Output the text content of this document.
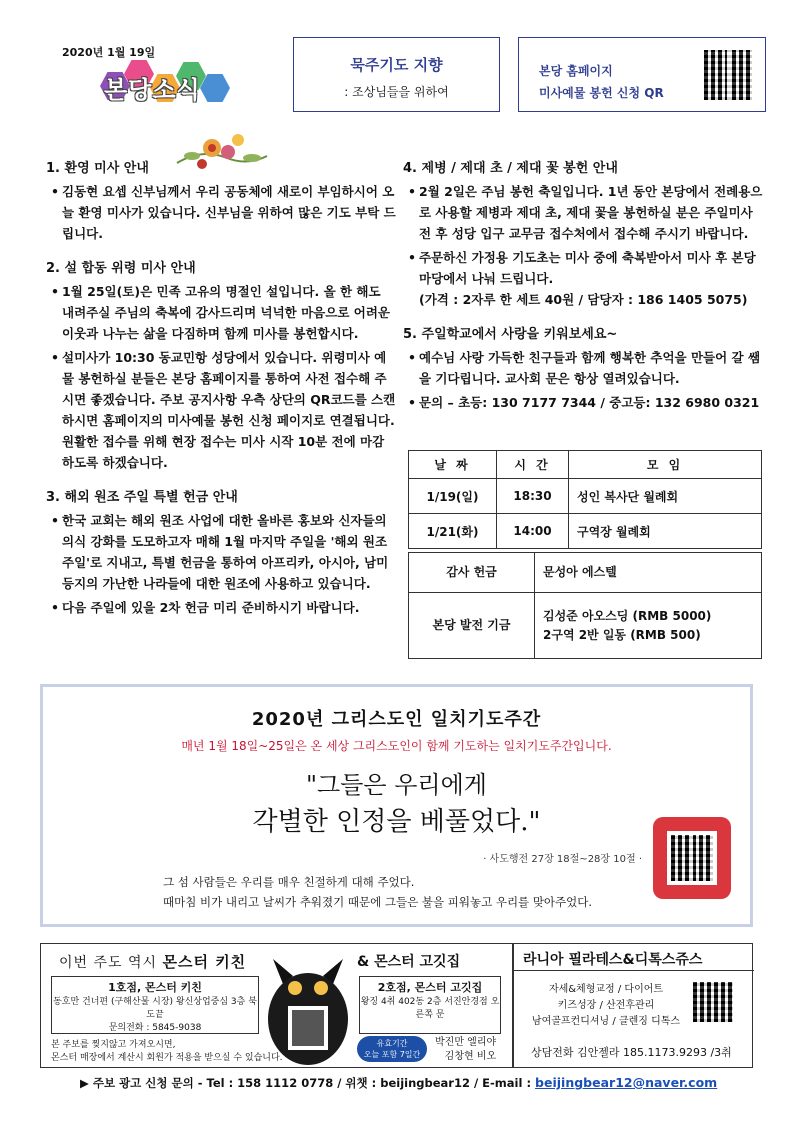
2020년 1월 19일
본당소식
묵주기도 지향
: 조상님들을 위하여
본당 홈페이지
미사예물 봉헌 신청 QR
1. 환영 미사 안내
• 김동현 요셉 신부님께서 우리 공동체에 새로이 부임하시어 오늘 환영 미사가 있습니다. 신부님을 위하여 많은 기도 부탁 드립니다.
2. 설 합동 위령 미사 안내
• 1월 25일(토)은 민족 고유의 명절인 설입니다. 올 한 해도 내려주실 주님의 축복에 감사드리며 넉넉한 마음으로 어려운 이웃과 나누는 삶을 다짐하며 함께 미사를 봉헌합시다.
• 설미사가 10:30 동교민항 성당에서 있습니다. 위령미사 예물 봉헌하실 분들은 본당 홈페이지를 통하여 사전 접수해 주시면 좋겠습니다. 주보 공지사항 우측 상단의 QR코드를 스캔하시면 홈페이지의 미사예물 봉헌 신청 페이지로 연결됩니다. 원활한 접수를 위해 현장 접수는 미사 시작 10분 전에 마감하도록 하겠습니다.
3. 해외 원조 주일 특별 헌금 안내
• 한국 교회는 해외 원조 사업에 대한 올바른 홍보와 신자들의 의식 강화를 도모하고자 매해 1월 마지막 주일을 '해외 원조 주일'로 지내고, 특별 헌금을 통하여 아프리카, 아시아, 남미 등지의 가난한 나라들에 대한 원조에 사용하고 있습니다.
• 다음 주일에 있을 2차 헌금 미리 준비하시기 바랍니다.
4. 제병 / 제대 초 / 제대 꽃 봉헌 안내
• 2월 2일은 주님 봉헌 축일입니다. 1년 동안 본당에서 전례용으로 사용할 제병과 제대 초, 제대 꽃을 봉헌하실 분은 주일미사 전 후 성당 입구 교무금 접수처에서 접수해 주시기 바랍니다.
• 주문하신 가정용 기도초는 미사 중에 축복받아서 미사 후 본당 마당에서 나눠 드립니다.
(가격 : 2자루 한 세트 40원 / 담당자 : 186 1405 5075)
5. 주일학교에서 사랑을 키워보세요~
• 예수님 사랑 가득한 친구들과 함께 행복한 추억을 만들어 갈 쌤을 기다립니다. 교사회 문은 항상 열려있습니다.
• 문의 – 초등: 130 7177 7344 / 중고등: 132 6980 0321
날 짜	시 간	모 임
1/19(일)	18:30	성인 복사단 월례회
1/21(화)	14:00	구역장 월례회
감사 헌금	문성아 에스텔
본당 발전 기금	김성준 아오스딩 (RMB 5000)
2구역 2반 일동 (RMB 500)
2020년 그리스도인 일치기도주간
매년 1월 18일~25일은 온 세상 그리스도인이 함께 기도하는 일치기도주간입니다.
"그들은 우리에게
각별한 인정을 베풀었다."
· 사도행전 27장 18절~28장 10절 ·
그 섬 사람들은 우리를 매우 친절하게 대해 주었다.
때마침 비가 내리고 날씨가 추워졌기 때문에 그들은 불을 피워놓고 우리를 맞아주었다.
이번 주도 역시 몬스터 키친	& 몬스터 고깃집
1호점, 몬스터 키친
동호만 건너편 (구해산물 시장) 왕신상업중심 3층 북도끝
문의전화 : 5845-9038
2호점, 몬스터 고깃집
왕징 4취 402동 2층 서진안경점 오른쪽 문
본 주보를 찢지않고 가져오시면,
몬스터 매장에서 계산시 회원가 적용을 받으실 수 있습니다.
유효기간
오늘 포함 7일간
박진만 엘리야
김창현 비오
라니아 필라테스&디톡스쥬스
자세&체형교정 / 다이어트
키즈성장 / 산전후관리
남여골프컨디셔닝 / 클렌징 디톡스
상담전화 김안젤라 185.1173.9293 /3취
▶ 주보 광고 신청 문의 - Tel : 158 1112 0778 / 위챗 : beijingbear12 / E-mail : beijingbear12@naver.com
